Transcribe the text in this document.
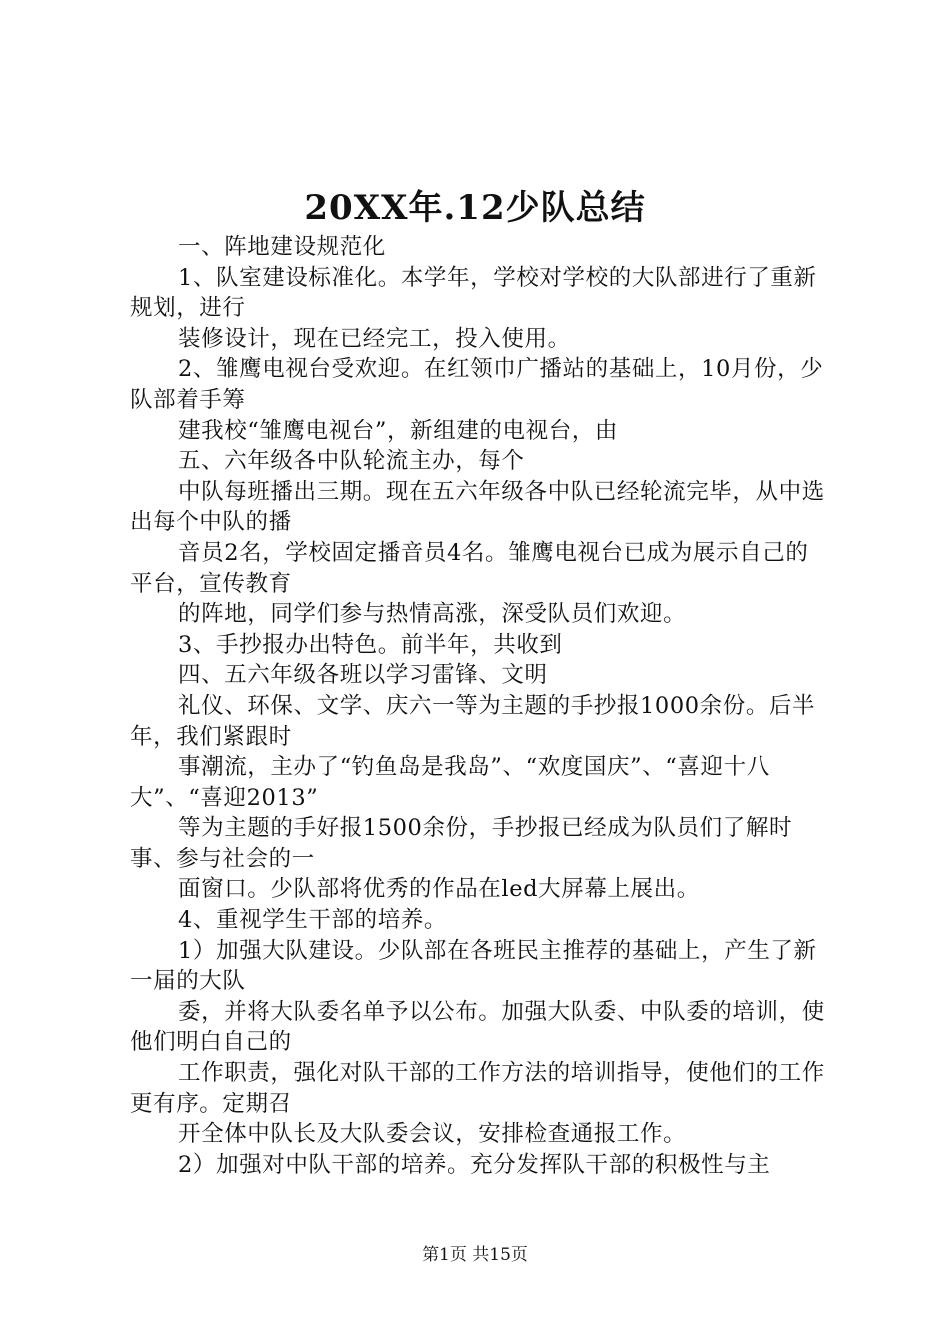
20XX年.12少队总结

一、阵地建设规范化

1、队室建设标准化。本学年，学校对学校的大队部进行了重新规划，进行

装修设计，现在已经完工，投入使用。

2、雏鹰电视台受欢迎。在红领巾广播站的基础上，10月份，少队部着手筹

建我校“雏鹰电视台”，新组建的电视台，由

五、六年级各中队轮流主办，每个

中队每班播出三期。现在五六年级各中队已经轮流完毕，从中选出每个中队的播

音员2名，学校固定播音员4名。雏鹰电视台已成为展示自己的平台，宣传教育

的阵地，同学们参与热情高涨，深受队员们欢迎。

3、手抄报办出特色。前半年，共收到

四、五六年级各班以学习雷锋、文明

礼仪、环保、文学、庆六一等为主题的手抄报1000余份。后半年，我们紧跟时

事潮流，主办了“钓鱼岛是我岛”、“欢度国庆”、“喜迎十八大”、“喜迎2013”

等为主题的手好报1500余份，手抄报已经成为队员们了解时事、参与社会的一

面窗口。少队部将优秀的作品在led大屏幕上展出。

4、重视学生干部的培养。

1）加强大队建设。少队部在各班民主推荐的基础上，产生了新一届的大队

委，并将大队委名单予以公布。加强大队委、中队委的培训，使他们明白自己的

工作职责，强化对队干部的工作方法的培训指导，使他们的工作更有序。定期召

开全体中队长及大队委会议，安排检查通报工作。

2）加强对中队干部的培养。充分发挥队干部的积极性与主

第1页 共15页
